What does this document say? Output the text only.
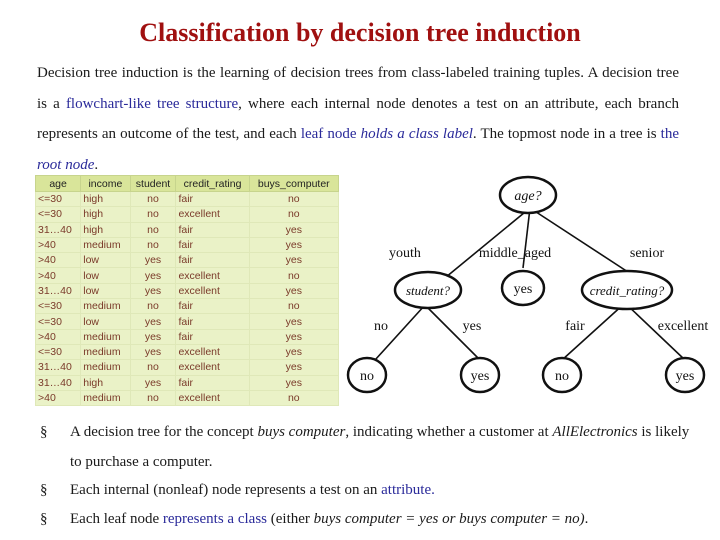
Classification by decision tree induction
Decision tree induction is the learning of decision trees from class-labeled training tuples. A decision tree is a flowchart-like tree structure, where each internal node denotes a test on an attribute, each branch represents an outcome of the test, and each leaf node holds a class label. The topmost node in a tree is the root node.
age	income	student	credit_rating	buys_computer
<=30	high	no	fair	no
<=30	high	no	excellent	no
31…40	high	no	fair	yes
>40	medium	no	fair	yes
>40	low	yes	fair	yes
>40	low	yes	excellent	no
31…40	low	yes	excellent	yes
<=30	medium	no	fair	no
<=30	low	yes	fair	yes
>40	medium	yes	fair	yes
<=30	medium	yes	excellent	yes
31…40	medium	no	excellent	yes
31…40	high	yes	fair	yes
>40	medium	no	excellent	no
age?
youth	middle_aged	senior
student?	yes	credit_rating?
no	yes	fair	excellent
no	yes	no	yes
§ A decision tree for the concept buys computer, indicating whether a customer at AllElectronics is likely to purchase a computer.
§ Each internal (nonleaf) node represents a test on an attribute.
§ Each leaf node represents a class (either buys computer = yes or buys computer = no).
